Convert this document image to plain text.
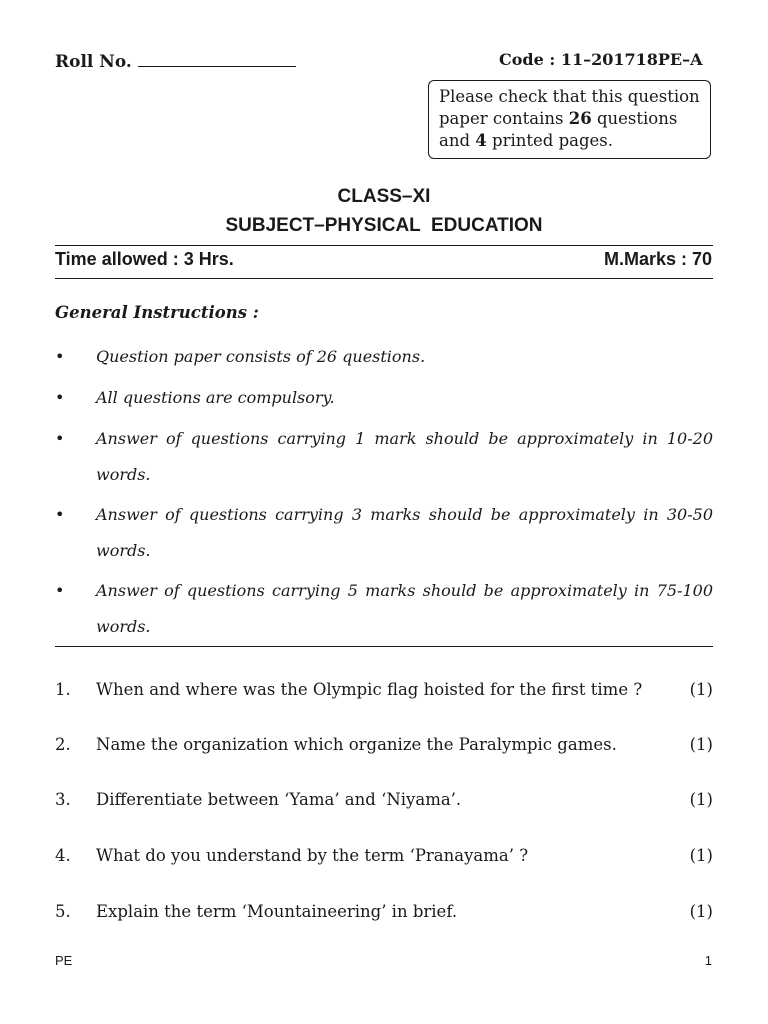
Roll No.	Code : 11–201718PE–A
Please check that this question
paper contains 26 questions
and 4 printed pages.
CLASS–XI
SUBJECT–PHYSICAL  EDUCATION
Time allowed : 3 Hrs.	M.Marks : 70
General Instructions :
• Question paper consists of 26 questions.
• All questions are compulsory.
• Answer of questions carrying 1 mark should be approximately in 10-20 words.
• Answer of questions carrying 3 marks should be approximately in 30-50 words.
• Answer of questions carrying 5 marks should be approximately in 75-100 words.
1. When and where was the Olympic flag hoisted for the first time ?	(1)
2. Name the organization which organize the Paralympic games.	(1)
3. Differentiate between ‘Yama’ and ‘Niyama’.	(1)
4. What do you understand by the term ‘Pranayama’ ?	(1)
5. Explain the term ‘Mountaineering’ in brief.	(1)
PE	1
